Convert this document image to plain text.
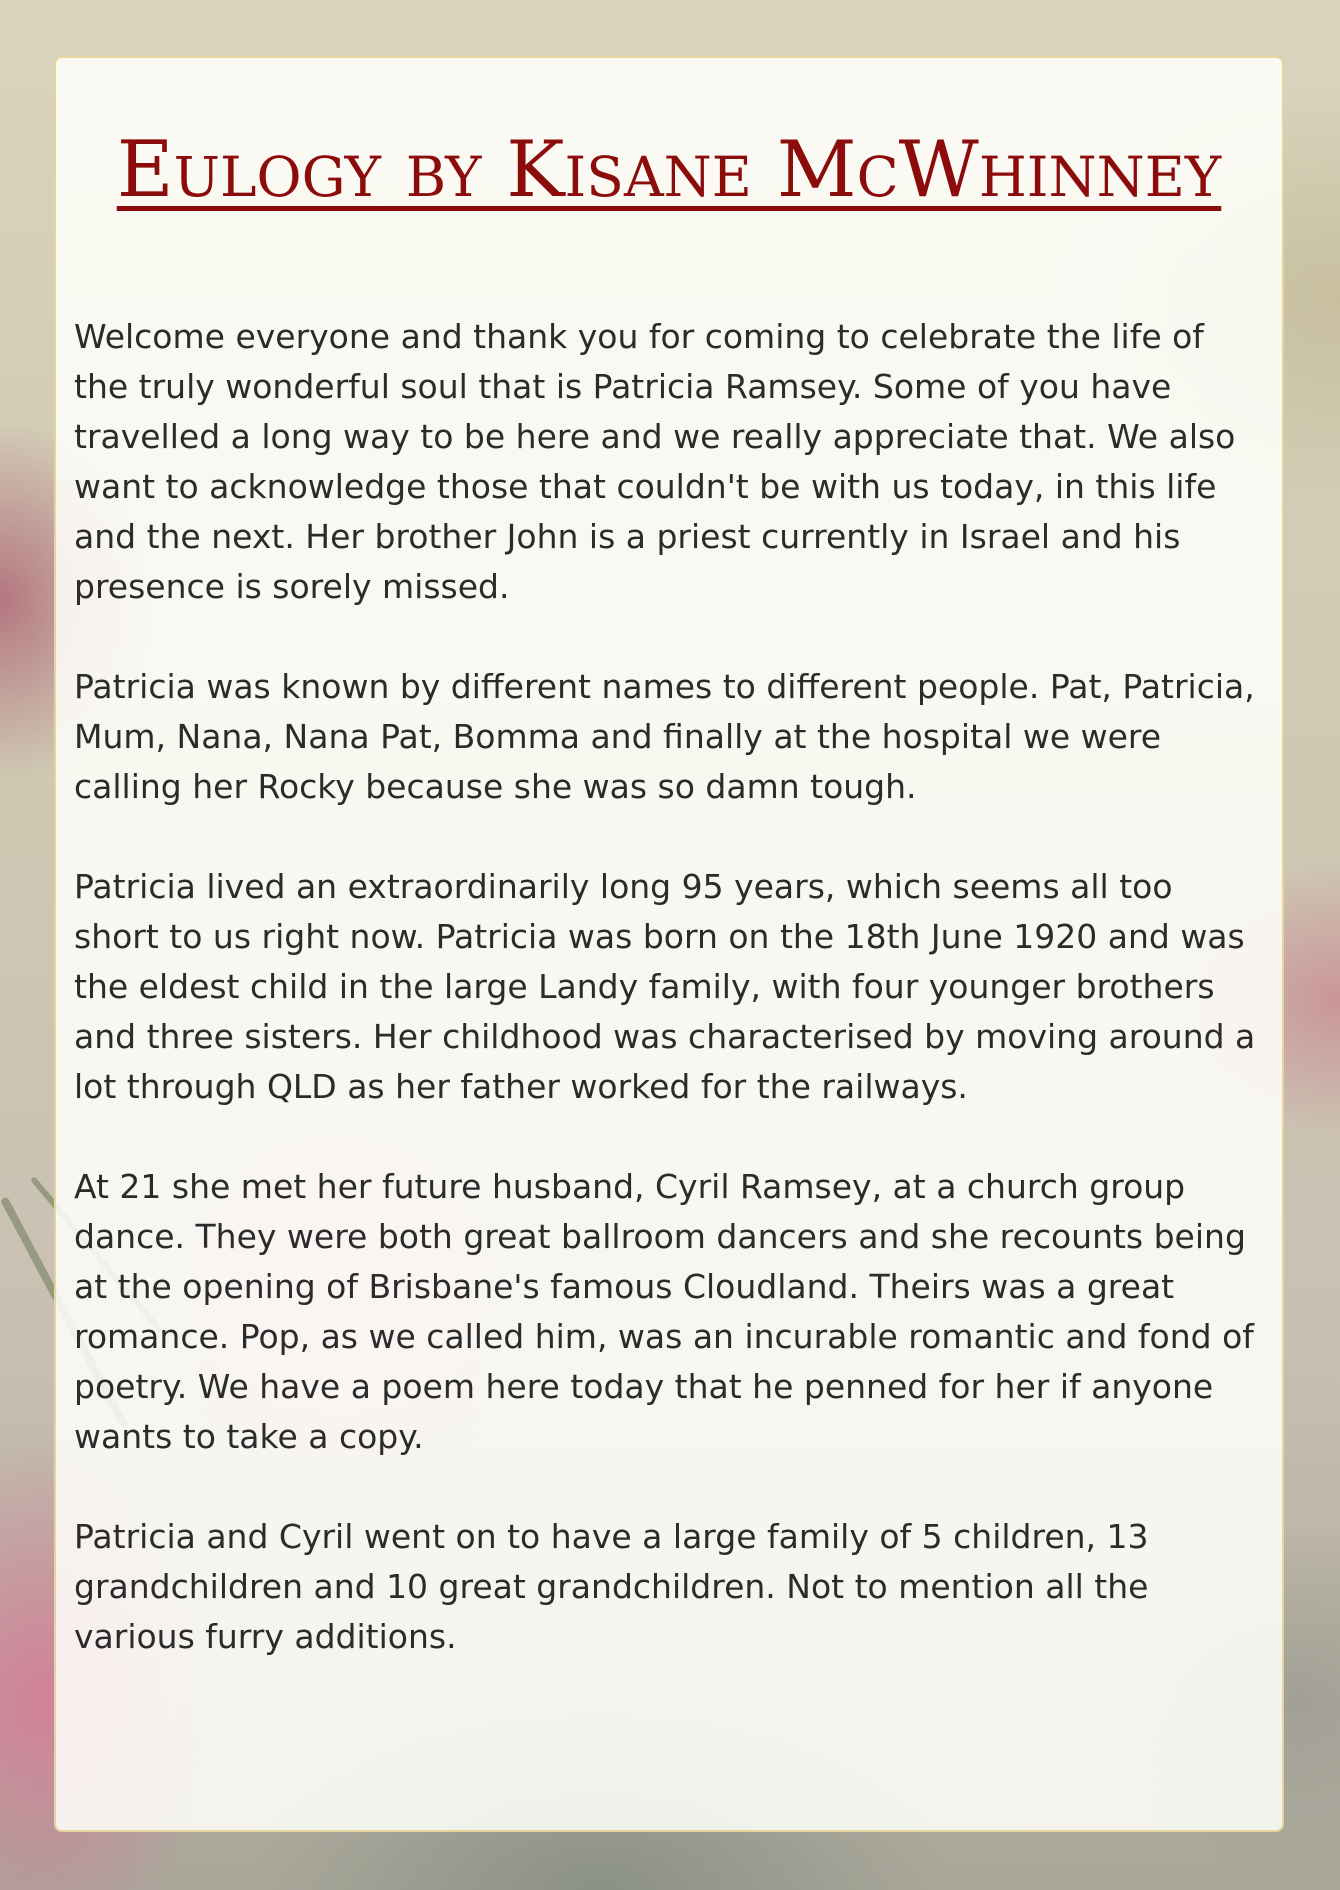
Eulogy by Kisane McWhinney

Welcome everyone and thank you for coming to celebrate the life of the truly wonderful soul that is Patricia Ramsey. Some of you have travelled a long way to be here and we really appreciate that. We also want to acknowledge those that couldn't be with us today, in this life and the next. Her brother John is a priest currently in Israel and his presence is sorely missed.

Patricia was known by different names to different people. Pat, Patricia, Mum, Nana, Nana Pat, Bomma and finally at the hospital we were calling her Rocky because she was so damn tough.

Patricia lived an extraordinarily long 95 years, which seems all too short to us right now. Patricia was born on the 18th June 1920 and was the eldest child in the large Landy family, with four younger brothers and three sisters. Her childhood was characterised by moving around a lot through QLD as her father worked for the railways.

At 21 she met her future husband, Cyril Ramsey, at a church group dance. They were both great ballroom dancers and she recounts being at the opening of Brisbane's famous Cloudland. Theirs was a great romance. Pop, as we called him, was an incurable romantic and fond of poetry. We have a poem here today that he penned for her if anyone wants to take a copy.

Patricia and Cyril went on to have a large family of 5 children, 13 grandchildren and 10 great grandchildren. Not to mention all the various furry additions.
